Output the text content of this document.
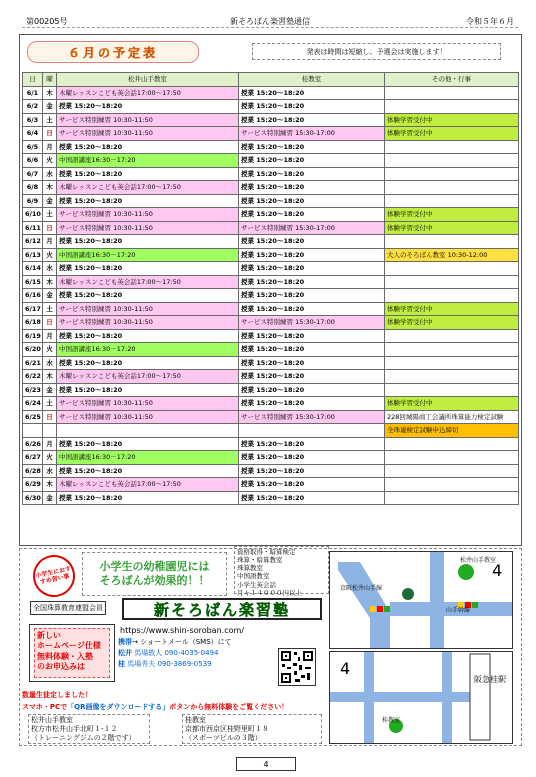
第00205号	新そろばん楽習塾通信	令和５年６月
６月の予定表	発表は時間は短縮し、予選会は実施します！
日	曜	松井山手教室	桂教室	その他・行事
6/1	木	木曜レッスンこども英会話17:00～17:50	授業 15:20～18:20	
6/2	金	授業 15:20～18:20	授業 15:20～18:20	
6/3	土	サービス特別練習 10:30-11:50	授業 15:20～18:20	体験学習受付中
6/4	日	サービス特別練習 10:30-11:50	サービス特別練習 15:30-17:00	体験学習受付中
6/5	月	授業 15:20～18:20	授業 15:20～18:20	
6/6	火	中国語講座16:30－17:20	授業 15:20～18:20	
6/7	水	授業 15:20～18:20	授業 15:20～18:20	
6/8	木	木曜レッスンこども英会話17:00～17:50	授業 15:20～18:20	
6/9	金	授業 15:20～18:20	授業 15:20～18:20	
6/10	土	サービス特別練習 10:30-11:50	授業 15:20～18:20	体験学習受付中
6/11	日	サービス特別練習 10:30-11:50	サービス特別練習 15:30-17:00	体験学習受付中
6/12	月	授業 15:20～18:20	授業 15:20～18:20	
6/13	火	中国語講座16:30－17:20	授業 15:20～18:20	大人のそろばん教室 10:30-12:00
6/14	水	授業 15:20～18:20	授業 15:20～18:20	
6/15	木	木曜レッスンこども英会話17:00～17:50	授業 15:20～18:20	
6/16	金	授業 15:20～18:20	授業 15:20～18:20	
6/17	土	サービス特別練習 10:30-11:50	授業 15:20～18:20	体験学習受付中
6/18	日	サービス特別練習 10:30-11:50	サービス特別練習 15:30-17:00	体験学習受付中
6/19	月	授業 15:20～18:20	授業 15:20～18:20	
6/20	火	中国語講座16:30－17:20	授業 15:20～18:20	
6/21	水	授業 15:20～18:20	授業 15:20～18:20	
6/22	木	木曜レッスンこども英会話17:00～17:50	授業 15:20～18:20	
6/23	金	授業 15:20～18:20	授業 15:20～18:20	
6/24	土	サービス特別練習 10:30-11:50	授業 15:20～18:20	体験学習受付中
6/25	日	サービス特別練習 10:30-11:50	サービス特別練習 15:30-17:00	228回城陽商工会議所珠算能力検定試験
				全珠連検定試験申込締切
6/26	月	授業 15:20～18:20	授業 15:20～18:20	
6/27	火	中国語講座16:30－17:20	授業 15:20～18:20	
6/28	水	授業 15:20～18:20	授業 15:20～18:20	
6/29	木	木曜レッスンこども英会話17:00～17:50	授業 15:20～18:20	
6/30	金	授業 15:20～18:20	授業 15:20～18:20	
小学生におすすめ習い事
小学生の幼稚園児には
そろばんが効果的！！
資格取得・暗算検定
珠算・暗算教室
珠算教室
中国語教室
小学生英会話
月々１４０００円以上
全国珠算教育連盟会員	新そろばん楽習塾
新しい
ホームページ仕様
無料体験・入塾
のお申込みは
https://www.shin-soroban.com/
携帯→ ショートメール（SMS）にて
松井 馬場敦人 090-4035-0494
桂 馬場秀夫 090-3869-0539
数量生徒定しました！
スマホ・PCで「QR画像をダウンロードする」ボタンから無料体験をご覧ください！
松井山手教室
枚方市松井山手北町１-１２
（トレーニングジムの２階です）
桂教室
京都市西京区桂野里町１８
（スポーツピルの３階）
松井山手教室
山手幹線
京阪松井山手線
4
阪急桂駅
桂教室
4
4
